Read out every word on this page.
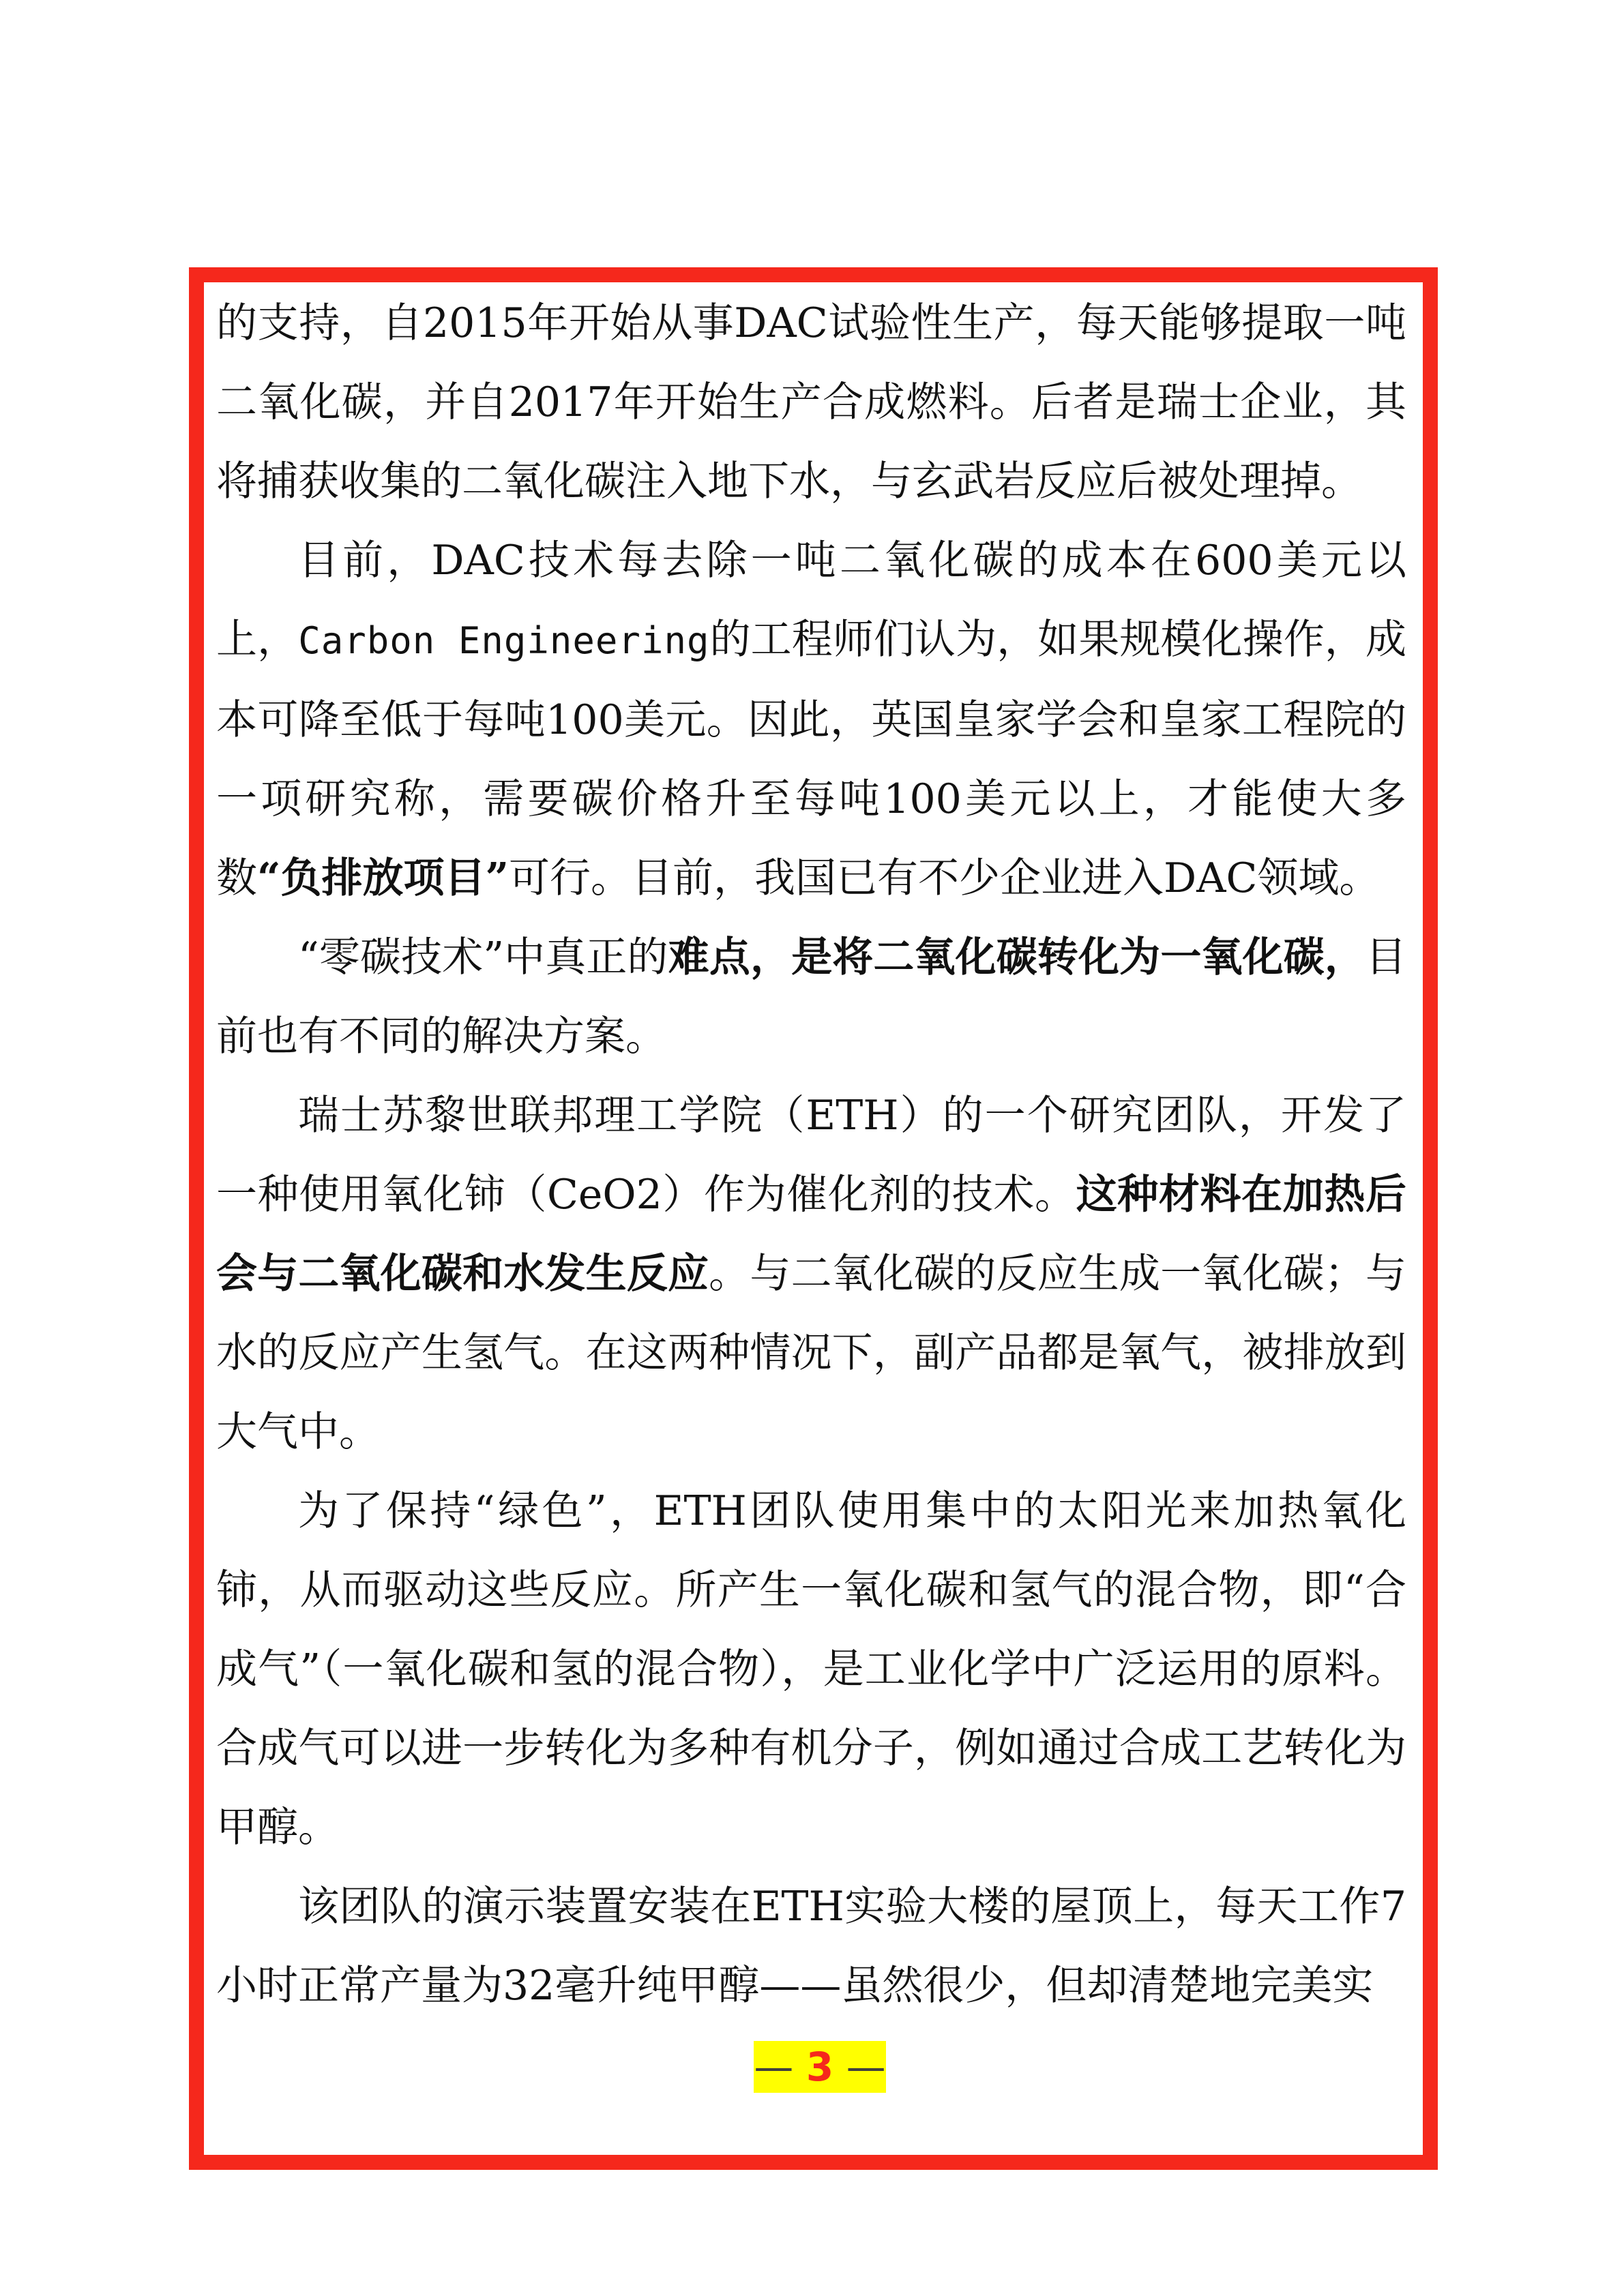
的支持，自2015年开始从事DAC试验性生产，每天能够提取一吨二氧化碳，并自2017年开始生产合成燃料。后者是瑞士企业，其将捕获收集的二氧化碳注入地下水，与玄武岩反应后被处理掉。

目前，DAC技术每去除一吨二氧化碳的成本在600美元以上，Carbon Engineering的工程师们认为，如果规模化操作，成本可降至低于每吨100美元。因此，英国皇家学会和皇家工程院的一项研究称，需要碳价格升至每吨100美元以上，才能使大多数“负排放项目”可行。目前，我国已有不少企业进入DAC领域。

“零碳技术”中真正的难点，是将二氧化碳转化为一氧化碳，目前也有不同的解决方案。

瑞士苏黎世联邦理工学院（ETH）的一个研究团队，开发了一种使用氧化铈（CeO2）作为催化剂的技术。这种材料在加热后会与二氧化碳和水发生反应。与二氧化碳的反应生成一氧化碳；与水的反应产生氢气。在这两种情况下，副产品都是氧气，被排放到大气中。

为了保持“绿色”，ETH团队使用集中的太阳光来加热氧化铈，从而驱动这些反应。所产生一氧化碳和氢气的混合物，即“合成气”（一氧化碳和氢的混合物），是工业化学中广泛运用的原料。合成气可以进一步转化为多种有机分子，例如通过合成工艺转化为甲醇。

该团队的演示装置安装在ETH实验大楼的屋顶上，每天工作7小时正常产量为32毫升纯甲醇——虽然很少，但却清楚地完美实

— 3 —
